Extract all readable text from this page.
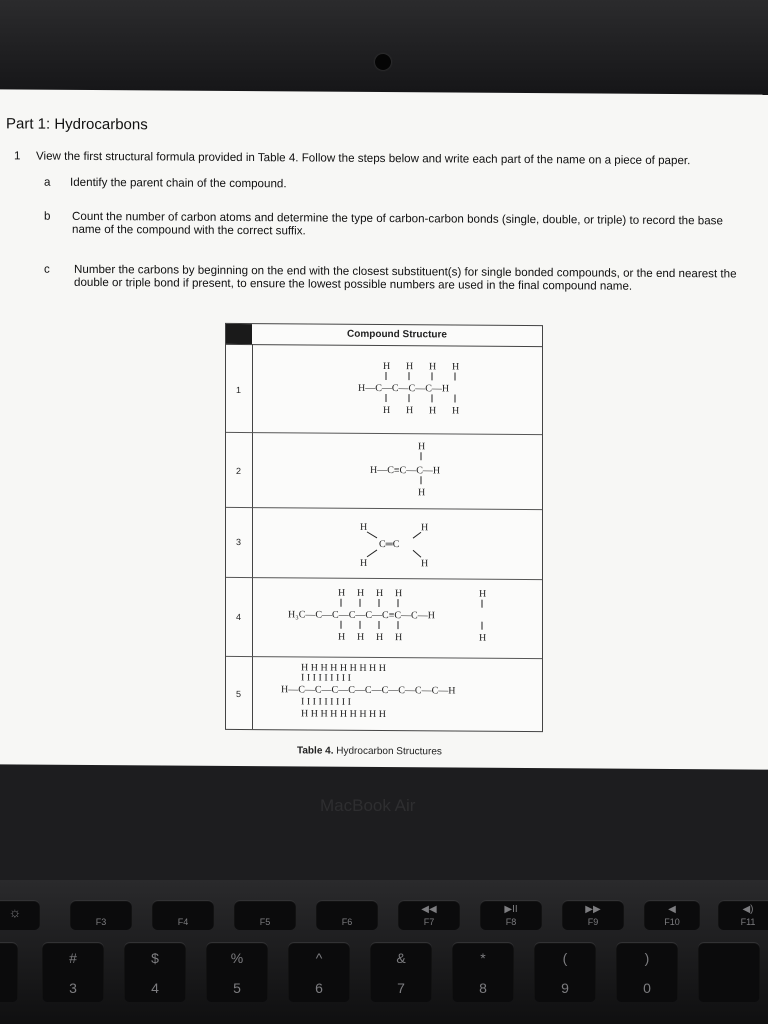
Part 1: Hydrocarbons
1 View the first structural formula provided in Table 4. Follow the steps below and write each part of the name on a piece of paper.
a Identify the parent chain of the compound.
b Count the number of carbon atoms and determine the type of carbon-carbon bonds (single, double, or triple) to record the base name of the compound with the correct suffix.
c Number the carbons by beginning on the end with the closest substituent(s) for single bonded compounds, or the end nearest the double or triple bond if present, to ensure the lowest possible numbers are used in the final compound name.
Compound Structure
1
H H H H
H—C—C—C—C—H
H H H H
2
H
H—C≡C—C—H
H
3
H	H
C═C
H	H
4
H H H H	H
H₃C—C—C—C—C—C≡C—C—H
H H H H	H
5
H H H H H H H H H
I I I I I I I I I
H—C—C—C—C—C—C—C—C—C—H
I I I I I I I I I
H H H H H H H H H
Table 4. Hydrocarbon Structures
MacBook Air
☼
F3	F4	F5	F6
◀◀
F7
▶II
F8
▶▶
F9
◀
F10
◀)
F11
#
3
$
4
%
5
^
6
&
7
*
8
(
9
)
0
